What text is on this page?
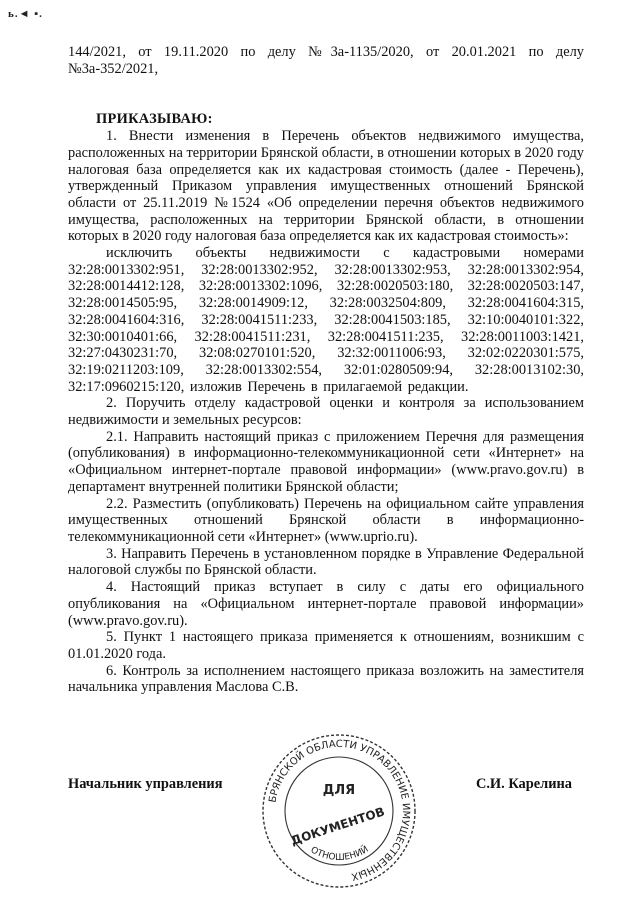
ь.◄ ▪.

144/2021, от 19.11.2020 по делу №3а-1135/2020, от 20.01.2021 по делу №3а-352/2021,

ПРИКАЗЫВАЮ:

1. Внести изменения в Перечень объектов недвижимого имущества, расположенных на территории Брянской области, в отношении которых в 2020 году налоговая база определяется как их кадастровая стоимость (далее - Перечень), утвержденный Приказом управления имущественных отношений Брянской области от 25.11.2019 №1524 «Об определении перечня объектов недвижимого имущества, расположенных на территории Брянской области, в отношении которых в 2020 году налоговая база определяется как их кадастровая стоимость»:

исключить объекты недвижимости с кадастровыми номерами 32:28:0013302:951, 32:28:0013302:952, 32:28:0013302:953, 32:28:0013302:954, 32:28:0014412:128, 32:28:0013302:1096, 32:28:0020503:180, 32:28:0020503:147, 32:28:0014505:95, 32:28:0014909:12, 32:28:0032504:809, 32:28:0041604:315, 32:28:0041604:316, 32:28:0041511:233, 32:28:0041503:185, 32:10:0040101:322, 32:30:0010401:66, 32:28:0041511:231, 32:28:0041511:235, 32:28:0011003:1421, 32:27:0430231:70, 32:08:0270101:520, 32:32:0011006:93, 32:02:0220301:575, 32:19:0211203:109, 32:28:0013302:554, 32:01:0280509:94, 32:28:0013102:30, 32:17:0960215:120, изложив Перечень в прилагаемой редакции.

2. Поручить отделу кадастровой оценки и контроля за использованием недвижимости и земельных ресурсов:

2.1. Направить настоящий приказ с приложением Перечня для размещения (опубликования) в информационно-телекоммуникационной сети «Интернет» на «Официальном интернет-портале правовой информации» (www.pravo.gov.ru) в департамент внутренней политики Брянской области;

2.2. Разместить (опубликовать) Перечень на официальном сайте управления имущественных отношений Брянской области в информационно-телекоммуникационной сети «Интернет» (www.uprio.ru).

3. Направить Перечень в установленном порядке в Управление Федеральной налоговой службы по Брянской области.

4. Настоящий приказ вступает в силу с даты его официального опубликования на «Официальном интернет-портале правовой информации» (www.pravo.gov.ru).

5. Пункт 1 настоящего приказа применяется к отношениям, возникшим с 01.01.2020 года.

6. Контроль за исполнением настоящего приказа возложить на заместителя начальника управления Маслова С.В.

Начальник управления	С.И. Карелина
БРЯНСКОЙ ОБЛАСТИ УПРАВЛЕНИЕ ИМУЩЕСТВЕННЫХ
ДЛЯ
ДОКУМЕНТОВ
ОТНОШЕНИЙ
